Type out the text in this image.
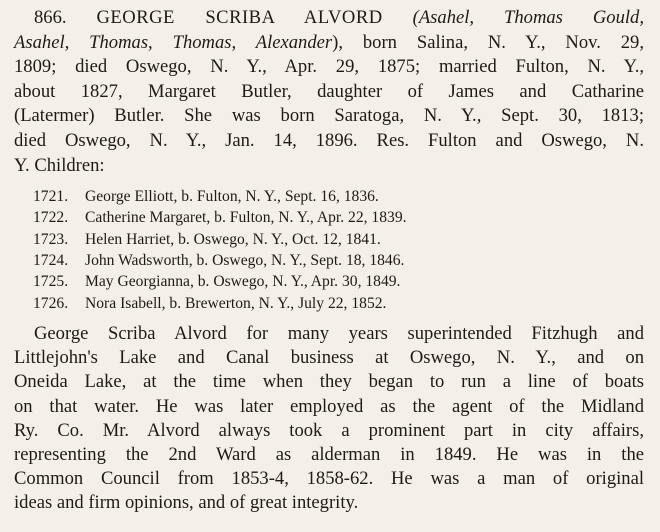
866. GEORGE SCRIBA ALVORD (Asahel, Thomas Gould,
Asahel, Thomas, Thomas, Alexander), born Salina, N. Y., Nov. 29,
1809; died Oswego, N. Y., Apr. 29, 1875; married Fulton, N. Y.,
about 1827, Margaret Butler, daughter of James and Catharine
(Latermer) Butler. She was born Saratoga, N. Y., Sept. 30, 1813;
died Oswego, N. Y., Jan. 14, 1896. Res. Fulton and Oswego, N.
Y. Children:

1721. George Elliott, b. Fulton, N. Y., Sept. 16, 1836.
1722. Catherine Margaret, b. Fulton, N. Y., Apr. 22, 1839.
1723. Helen Harriet, b. Oswego, N. Y., Oct. 12, 1841.
1724. John Wadsworth, b. Oswego, N. Y., Sept. 18, 1846.
1725. May Georgianna, b. Oswego, N. Y., Apr. 30, 1849.
1726. Nora Isabell, b. Brewerton, N. Y., July 22, 1852.

George Scriba Alvord for many years superintended Fitzhugh and
Littlejohn's Lake and Canal business at Oswego, N. Y., and on
Oneida Lake, at the time when they began to run a line of boats
on that water. He was later employed as the agent of the Midland
Ry. Co. Mr. Alvord always took a prominent part in city affairs,
representing the 2nd Ward as alderman in 1849. He was in the
Common Council from 1853-4, 1858-62. He was a man of original
ideas and firm opinions, and of great integrity.
